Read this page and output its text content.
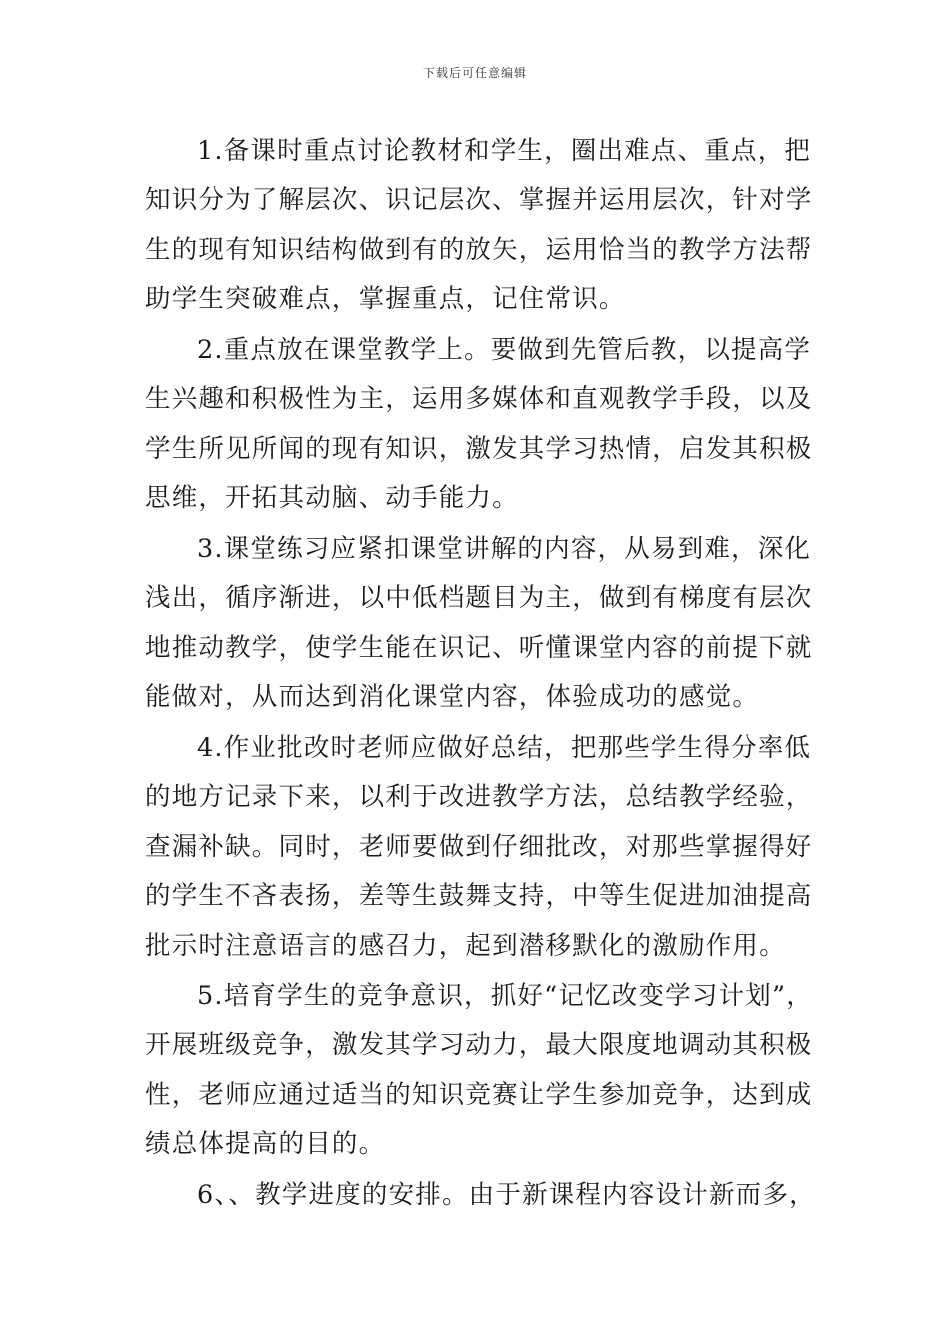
下载后可任意编辑
1.备课时重点讨论教材和学生，圈出难点、重点，把
知识分为了解层次、识记层次、掌握并运用层次，针对学
生的现有知识结构做到有的放矢，运用恰当的教学方法帮
助学生突破难点，掌握重点，记住常识。
2.重点放在课堂教学上。要做到先管后教，以提高学
生兴趣和积极性为主，运用多媒体和直观教学手段，以及
学生所见所闻的现有知识，激发其学习热情，启发其积极
思维，开拓其动脑、动手能力。
3.课堂练习应紧扣课堂讲解的内容，从易到难，深化
浅出，循序渐进，以中低档题目为主，做到有梯度有层次
地推动教学，使学生能在识记、听懂课堂内容的前提下就
能做对，从而达到消化课堂内容，体验成功的感觉。
4.作业批改时老师应做好总结，把那些学生得分率低
的地方记录下来，以利于改进教学方法，总结教学经验，
查漏补缺。同时，老师要做到仔细批改，对那些掌握得好
的学生不吝表扬，差等生鼓舞支持，中等生促进加油提高
批示时注意语言的感召力，起到潜移默化的激励作用。
5.培育学生的竞争意识，抓好“记忆改变学习计划”，
开展班级竞争，激发其学习动力，最大限度地调动其积极
性，老师应通过适当的知识竞赛让学生参加竞争，达到成
绩总体提高的目的。
6、、教学进度的安排。由于新课程内容设计新而多，
